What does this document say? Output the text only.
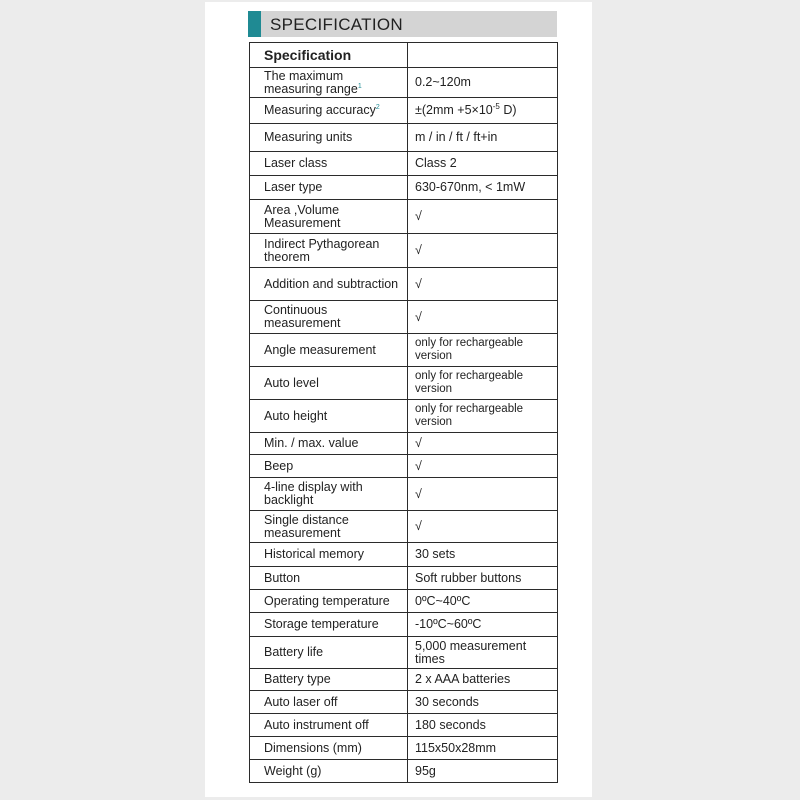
SPECIFICATION
Specification	
The maximum measuring range$^1$	0.2~120m
Measuring accuracy$^2$	$\pm(2mm +5\times 10^{-5}$ D)
Measuring units	m / in / ft / ft+in
Laser class	Class 2
Laser type	630-670nm, < 1mW
Area ,Volume Measurement	√
Indirect Pythagorean theorem	√
Addition and subtraction	√
Continuous measurement	√
Angle measurement	only for rechargeable version
Auto level	only for rechargeable version
Auto height	only for rechargeable version
Min. / max. value	√
Beep	√
4-line display with backlight	√
Single distance measurement	√
Historical memory	30 sets
Button	Soft rubber buttons
Operating temperature	0ºC~40ºC
Storage temperature	-10ºC~60ºC
Battery life	5,000 measurement times
Battery type	2 x AAA batteries
Auto laser off	30 seconds
Auto instrument off	180 seconds
Dimensions (mm)	115x50x28mm
Weight (g)	95g
